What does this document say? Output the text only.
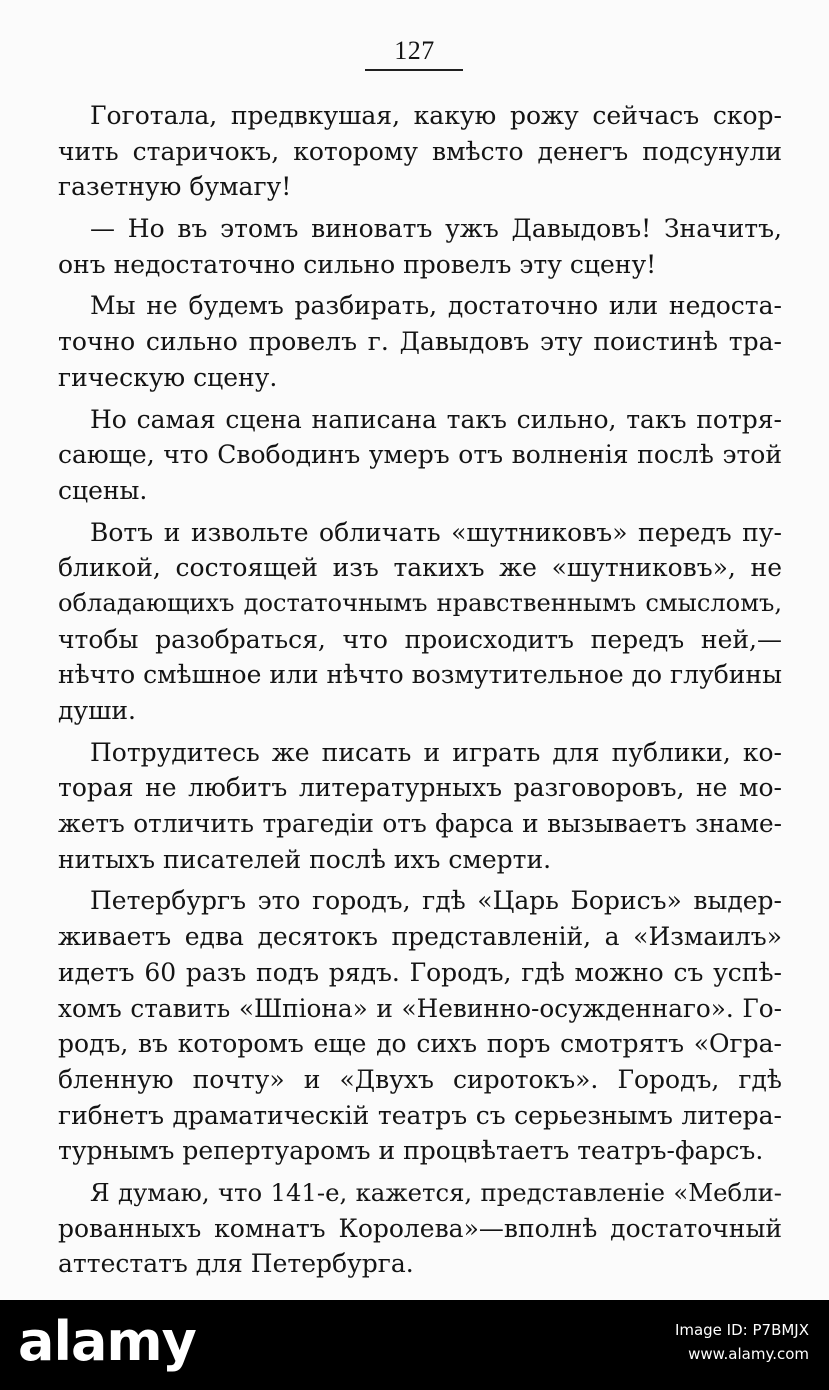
127
Гоготала, предвкушая, какую рожу сейчасъ скор-
чить старичокъ, которому вмѣсто денегъ подсунули
газетную бумагу!
— Но въ этомъ виноватъ ужъ Давыдовъ! Значитъ,
онъ недостаточно сильно провелъ эту сцену!
Мы не будемъ разбирать, достаточно или недоста-
точно сильно провелъ г. Давыдовъ эту поистинѣ тра-
гическую сцену.
Но самая сцена написана такъ сильно, такъ потря-
сающе, что Свободинъ умеръ отъ волненія послѣ этой
сцены.
Вотъ и извольте обличать «шутниковъ» передъ пу-
бликой, состоящей изъ такихъ же «шутниковъ», не
обладающихъ достаточнымъ нравственнымъ смысломъ,
чтобы разобраться, что происходитъ передъ ней,—
нѣчто смѣшное или нѣчто возмутительное до глубины
души.
Потрудитесь же писать и играть для публики, ко-
торая не любитъ литературныхъ разговоровъ, не мо-
жетъ отличить трагедіи отъ фарса и вызываетъ знаме-
нитыхъ писателей послѣ ихъ смерти.
Петербургъ это городъ, гдѣ «Царь Борисъ» выдер-
живаетъ едва десятокъ представленій, а «Измаилъ»
идетъ 60 разъ подъ рядъ. Городъ, гдѣ можно съ успѣ-
хомъ ставить «Шпіона» и «Невинно-осужденнаго». Го-
родъ, въ которомъ еще до сихъ поръ смотрятъ «Огра-
бленную почту» и «Двухъ сиротокъ». Городъ, гдѣ
гибнетъ драматическій театръ съ серьезнымъ литера-
турнымъ репертуаромъ и процвѣтаетъ театръ-фарсъ.
Я думаю, что 141-е, кажется, представленіе «Мебли-
рованныхъ комнатъ Королева»—вполнѣ достаточный
аттестатъ для Петербурга.
alamy	Image ID: P7BMJX
www.alamy.com
